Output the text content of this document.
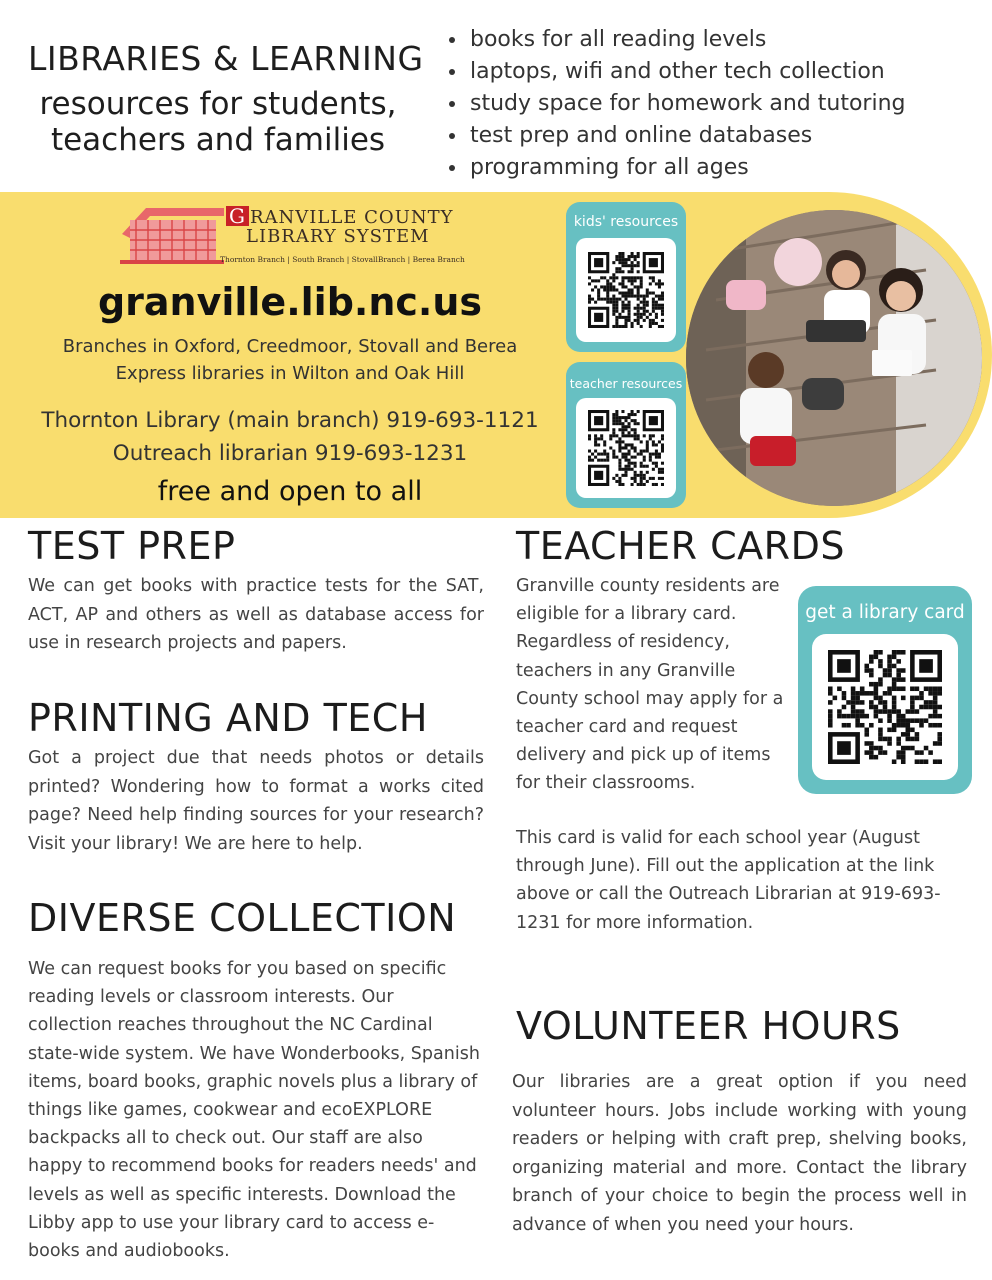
LIBRARIES & LEARNING
resources for students,
teachers and families
• books for all reading levels
• laptops, wifi and other tech collection
• study space for homework and tutoring
• test prep and online databases
• programming for all ages
G RANVILLE COUNTY
LIBRARY SYSTEM
Thornton Branch | South Branch | StovallBranch | Berea Branch
granville.lib.nc.us
Branches in Oxford, Creedmoor, Stovall and Berea
Express libraries in Wilton and Oak Hill
Thornton Library (main branch) 919-693-1121
Outreach librarian 919-693-1231
free and open to all
kids' resources
teacher resources
TEST PREP
We can get books with practice tests for the SAT, ACT, AP and others as well as database access for use in research projects and papers.
PRINTING AND TECH
Got a project due that needs photos or details printed? Wondering how to format a works cited page? Need help finding sources for your research? Visit your library! We are here to help.
DIVERSE COLLECTION
We can request books for you based on specific reading levels or classroom interests. Our collection reaches throughout the NC Cardinal state-wide system. We have Wonderbooks, Spanish items, board books, graphic novels plus a library of things like games, cookwear and ecoEXPLORE backpacks all to check out. Our staff are also happy to recommend books for readers needs' and levels as well as specific interests. Download the Libby app to use your library card to access e-books and audiobooks.
TEACHER CARDS
Granville county residents are eligible for a library card. Regardless of residency, teachers in any Granville County school may apply for a teacher card and request delivery and pick up of items for their classrooms.
This card is valid for each school year (August through June). Fill out the application at the link above or call the Outreach Librarian at 919-693-1231 for more information.
get a library card
VOLUNTEER HOURS
Our libraries are a great option if you need volunteer hours. Jobs include working with young readers or helping with craft prep, shelving books, organizing material and more. Contact the library branch of your choice to begin the process well in advance of when you need your hours.
